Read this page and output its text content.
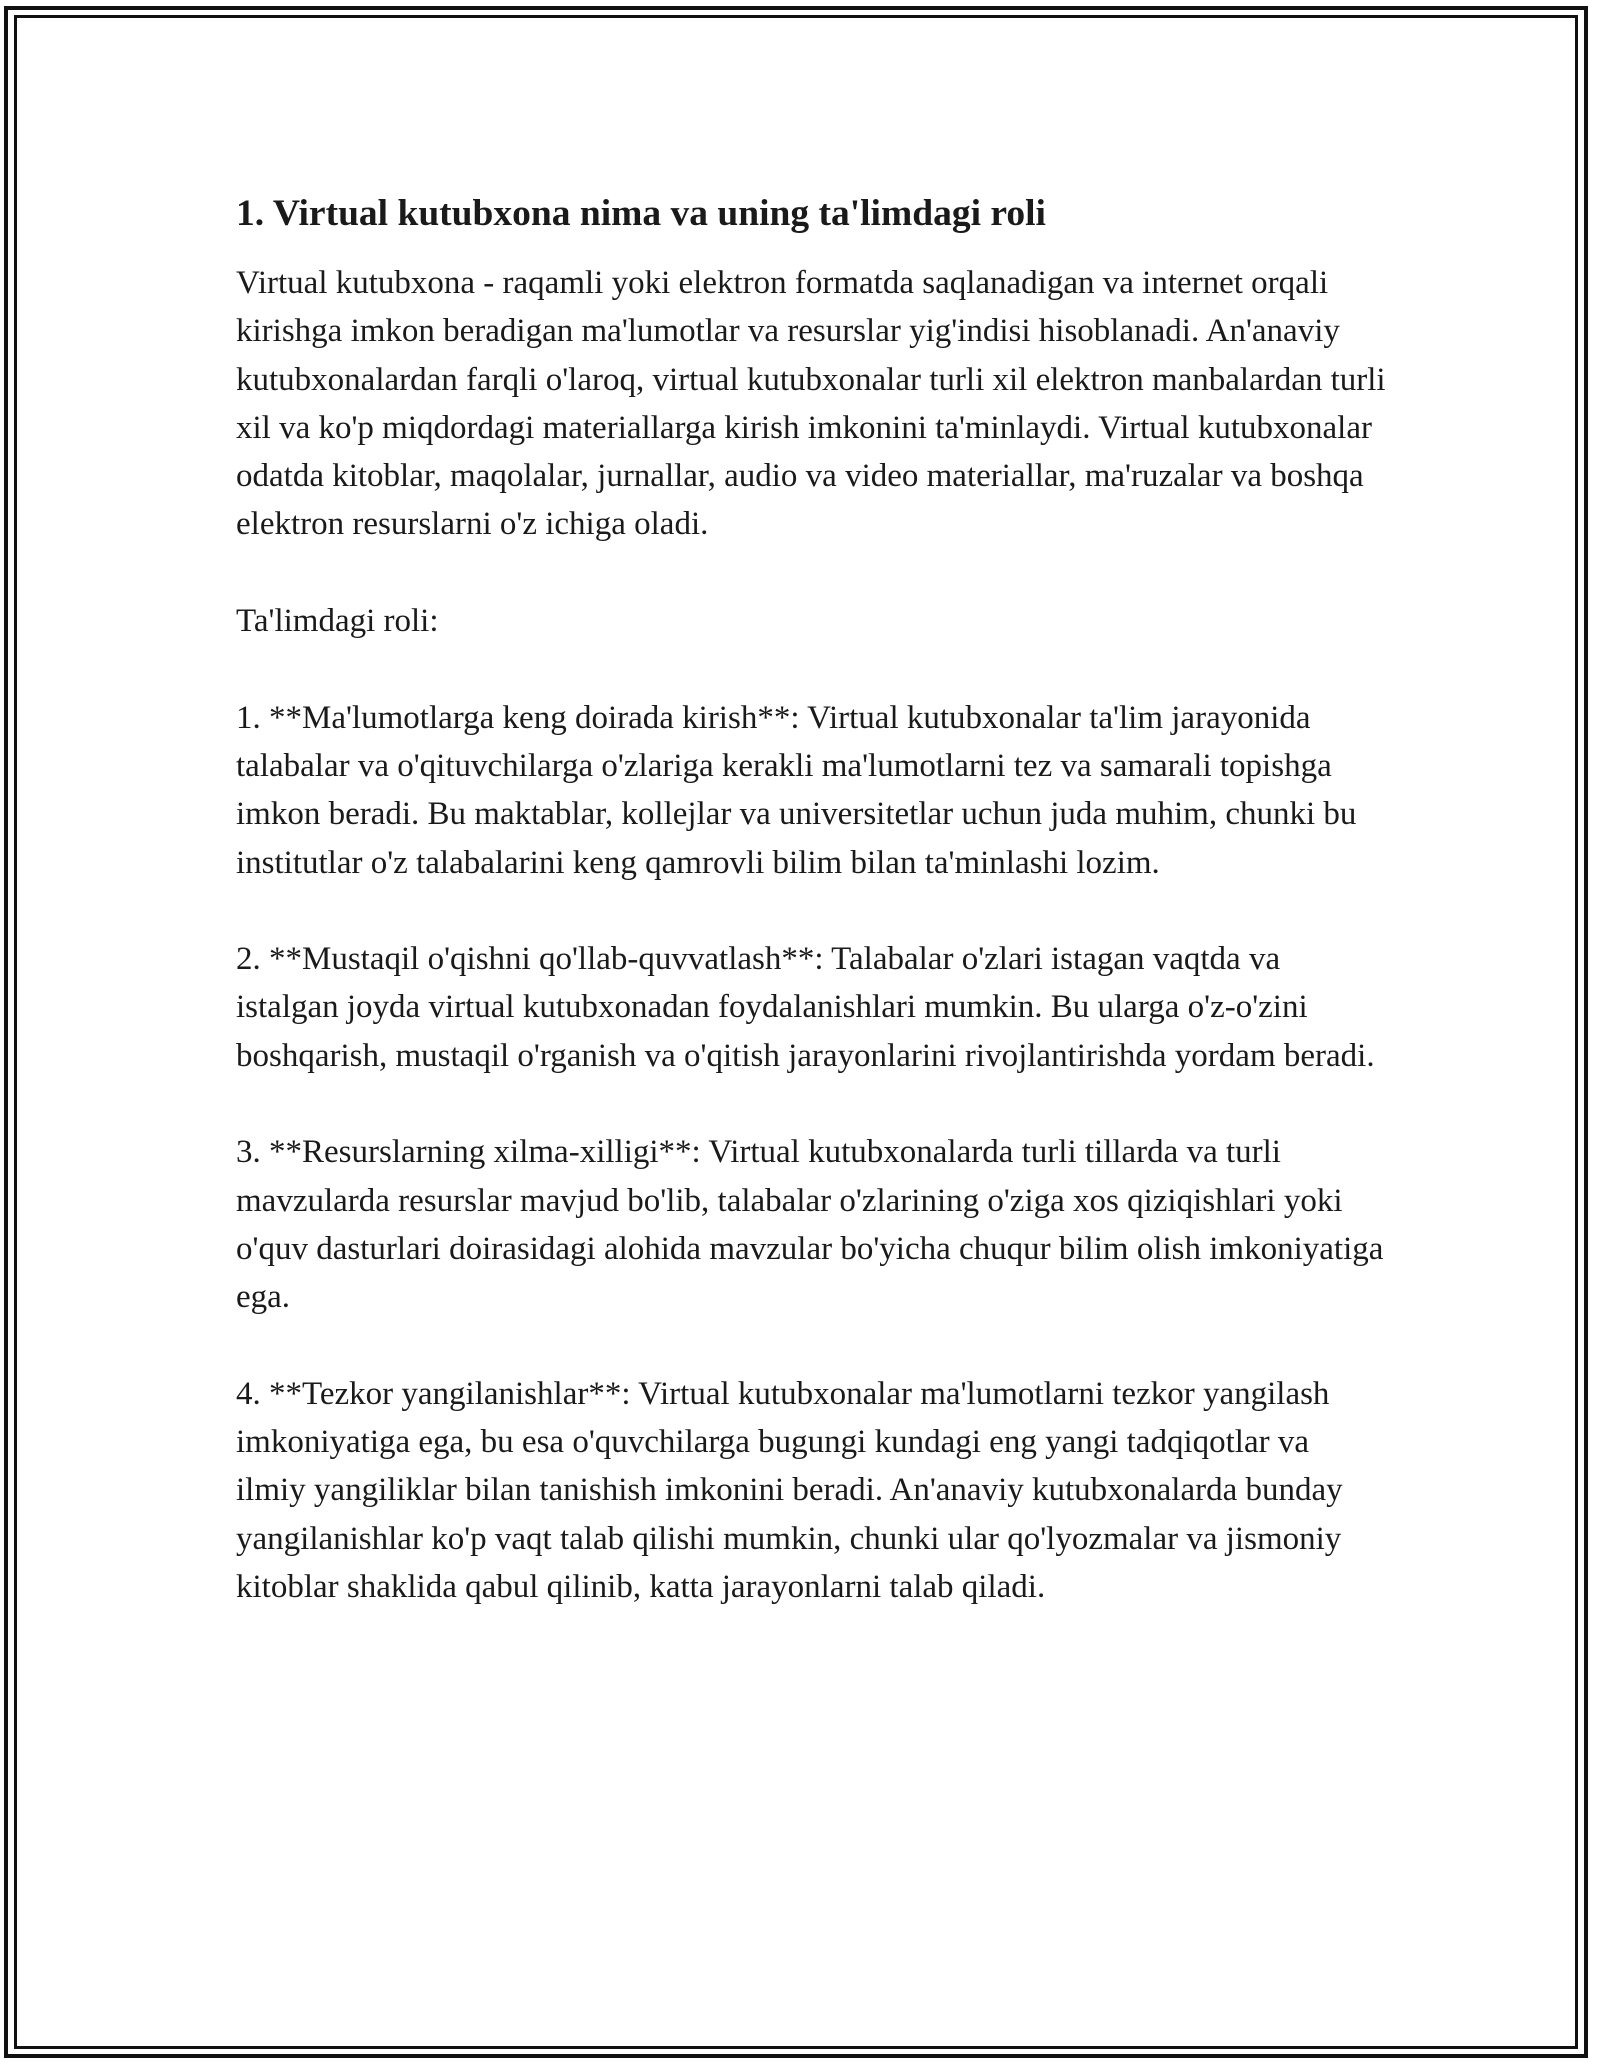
1. Virtual kutubxona nima va uning ta'limdagi roli

Virtual kutubxona - raqamli yoki elektron formatda saqlanadigan va internet orqali kirishga imkon beradigan ma'lumotlar va resurslar yig'indisi hisoblanadi. An'anaviy kutubxonalardan farqli o'laroq, virtual kutubxonalar turli xil elektron manbalardan turli xil va ko'p miqdordagi materiallarga kirish imkonini ta'minlaydi. Virtual kutubxonalar odatda kitoblar, maqolalar, jurnallar, audio va video materiallar, ma'ruzalar va boshqa elektron resurslarni o'z ichiga oladi.

Ta'limdagi roli:

1. **Ma'lumotlarga keng doirada kirish**: Virtual kutubxonalar ta'lim jarayonida talabalar va o'qituvchilarga o'zlariga kerakli ma'lumotlarni tez va samarali topishga imkon beradi. Bu maktablar, kollejlar va universitetlar uchun juda muhim, chunki bu institutlar o'z talabalarini keng qamrovli bilim bilan ta'minlashi lozim.

2. **Mustaqil o'qishni qo'llab-quvvatlash**: Talabalar o'zlari istagan vaqtda va istalgan joyda virtual kutubxonadan foydalanishlari mumkin. Bu ularga o'z-o'zini boshqarish, mustaqil o'rganish va o'qitish jarayonlarini rivojlantirishda yordam beradi.

3. **Resurslarning xilma-xilligi**: Virtual kutubxonalarda turli tillarda va turli mavzularda resurslar mavjud bo'lib, talabalar o'zlarining o'ziga xos qiziqishlari yoki o'quv dasturlari doirasidagi alohida mavzular bo'yicha chuqur bilim olish imkoniyatiga ega.

4. **Tezkor yangilanishlar**: Virtual kutubxonalar ma'lumotlarni tezkor yangilash imkoniyatiga ega, bu esa o'quvchilarga bugungi kundagi eng yangi tadqiqotlar va ilmiy yangiliklar bilan tanishish imkonini beradi. An'anaviy kutubxonalarda bunday yangilanishlar ko'p vaqt talab qilishi mumkin, chunki ular qo'lyozmalar va jismoniy kitoblar shaklida qabul qilinib, katta jarayonlarni talab qiladi.
